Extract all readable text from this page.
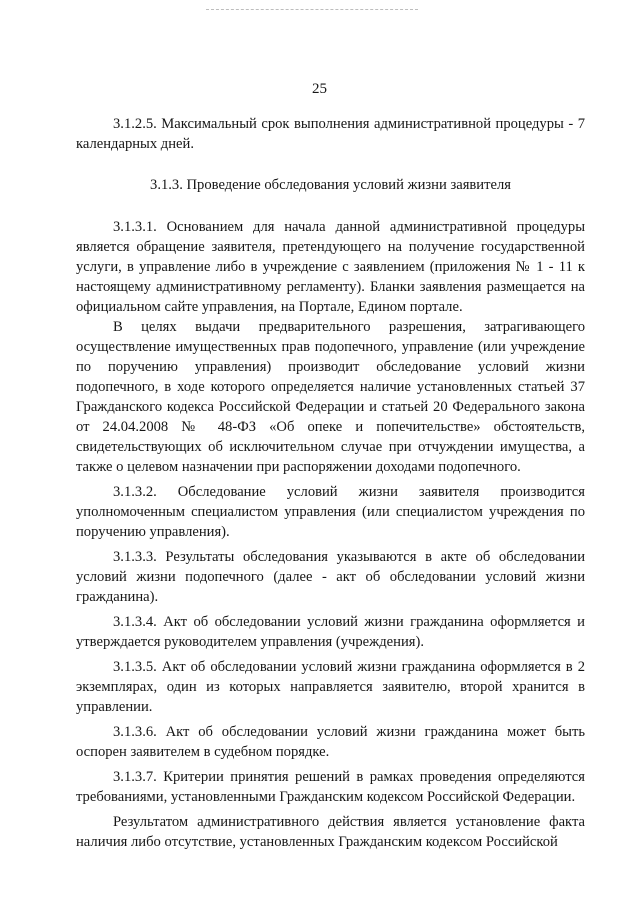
25

3.1.2.5. Максимальный срок выполнения административной процедуры - 7 календарных дней.

3.1.3. Проведение обследования условий жизни заявителя

3.1.3.1. Основанием для начала данной административной процедуры является обращение заявителя, претендующего на получение государственной услуги, в управление либо в учреждение с заявлением (приложения № 1 - 11 к настоящему административному регламенту). Бланки заявления размещается на официальном сайте управления, на Портале, Едином портале.

В целях выдачи предварительного разрешения, затрагивающего осуществление имущественных прав подопечного, управление (или учреждение по поручению управления) производит обследование условий жизни подопечного, в ходе которого определяется наличие установленных статьей 37 Гражданского кодекса Российской Федерации и статьей 20 Федерального закона от 24.04.2008 № 48-ФЗ «Об опеке и попечительстве» обстоятельств, свидетельствующих об исключительном случае при отчуждении имущества, а также о целевом назначении при распоряжении доходами подопечного.

3.1.3.2. Обследование условий жизни заявителя производится уполномоченным специалистом управления (или специалистом учреждения по поручению управления).

3.1.3.3. Результаты обследования указываются в акте об обследовании условий жизни подопечного (далее - акт об обследовании условий жизни гражданина).

3.1.3.4. Акт об обследовании условий жизни гражданина оформляется и утверждается руководителем управления (учреждения).

3.1.3.5. Акт об обследовании условий жизни гражданина оформляется в 2 экземплярах, один из которых направляется заявителю, второй хранится в управлении.

3.1.3.6. Акт об обследовании условий жизни гражданина может быть оспорен заявителем в судебном порядке.

3.1.3.7. Критерии принятия решений в рамках проведения определяются требованиями, установленными Гражданским кодексом Российской Федерации.

Результатом административного действия является установление факта наличия либо отсутствие, установленных Гражданским кодексом Российской
